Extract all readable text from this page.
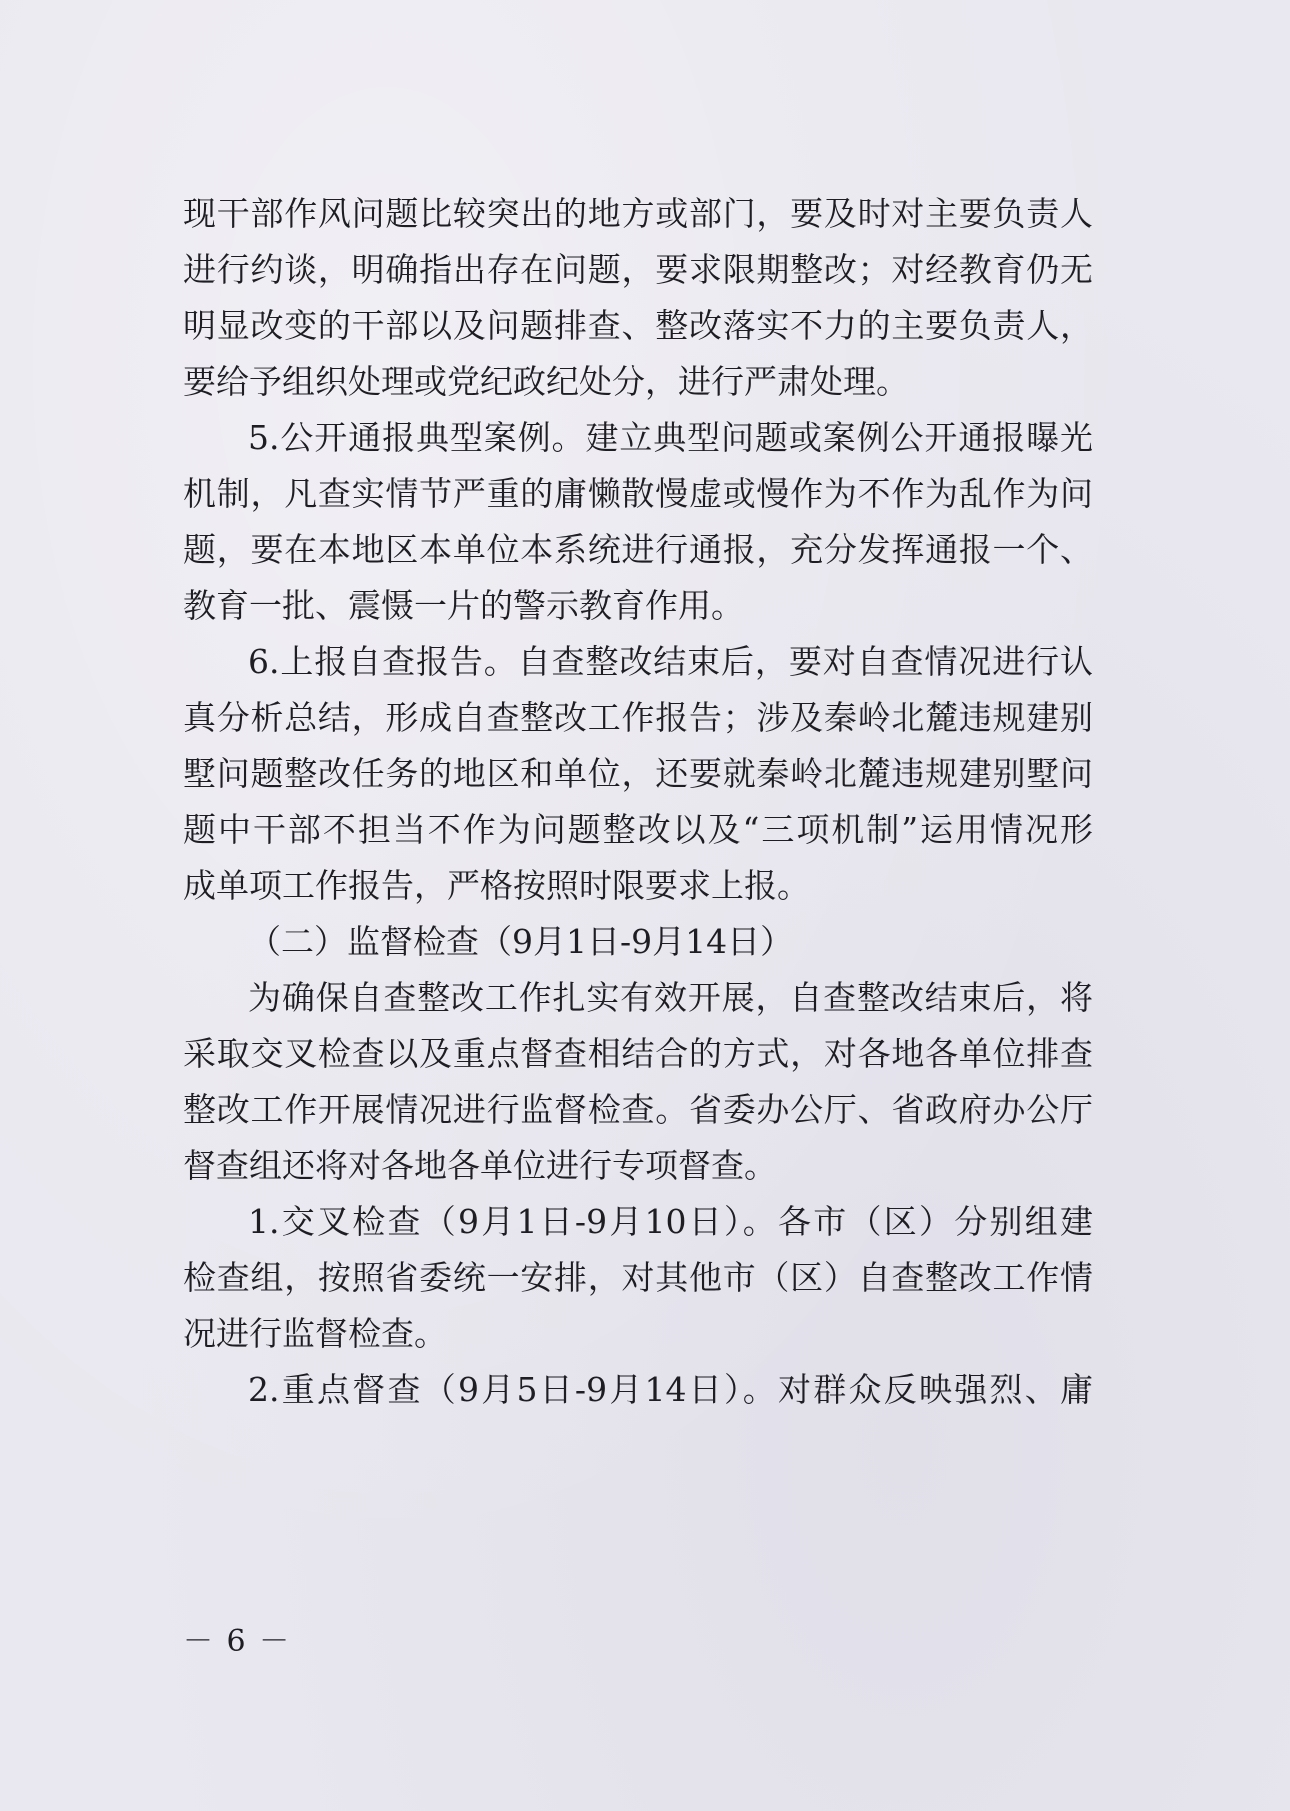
现干部作风问题比较突出的地方或部门，要及时对主要负责人
进行约谈，明确指出存在问题，要求限期整改；对经教育仍无
明显改变的干部以及问题排查、整改落实不力的主要负责人，
要给予组织处理或党纪政纪处分，进行严肃处理。
5.公开通报典型案例。建立典型问题或案例公开通报曝光
机制，凡查实情节严重的庸懒散慢虚或慢作为不作为乱作为问
题，要在本地区本单位本系统进行通报，充分发挥通报一个、
教育一批、震慑一片的警示教育作用。
6.上报自查报告。自查整改结束后，要对自查情况进行认
真分析总结，形成自查整改工作报告；涉及秦岭北麓违规建别
墅问题整改任务的地区和单位，还要就秦岭北麓违规建别墅问
题中干部不担当不作为问题整改以及“三项机制”运用情况形
成单项工作报告，严格按照时限要求上报。
（二）监督检查（9月1日-9月14日）
为确保自查整改工作扎实有效开展，自查整改结束后，将
采取交叉检查以及重点督查相结合的方式，对各地各单位排查
整改工作开展情况进行监督检查。省委办公厅、省政府办公厅
督查组还将对各地各单位进行专项督查。
1.交叉检查（9月1日-9月10日）。各市（区）分别组建
检查组，按照省委统一安排，对其他市（区）自查整改工作情
况进行监督检查。
2.重点督查（9月5日-9月14日）。对群众反映强烈、庸
－ 6 －
